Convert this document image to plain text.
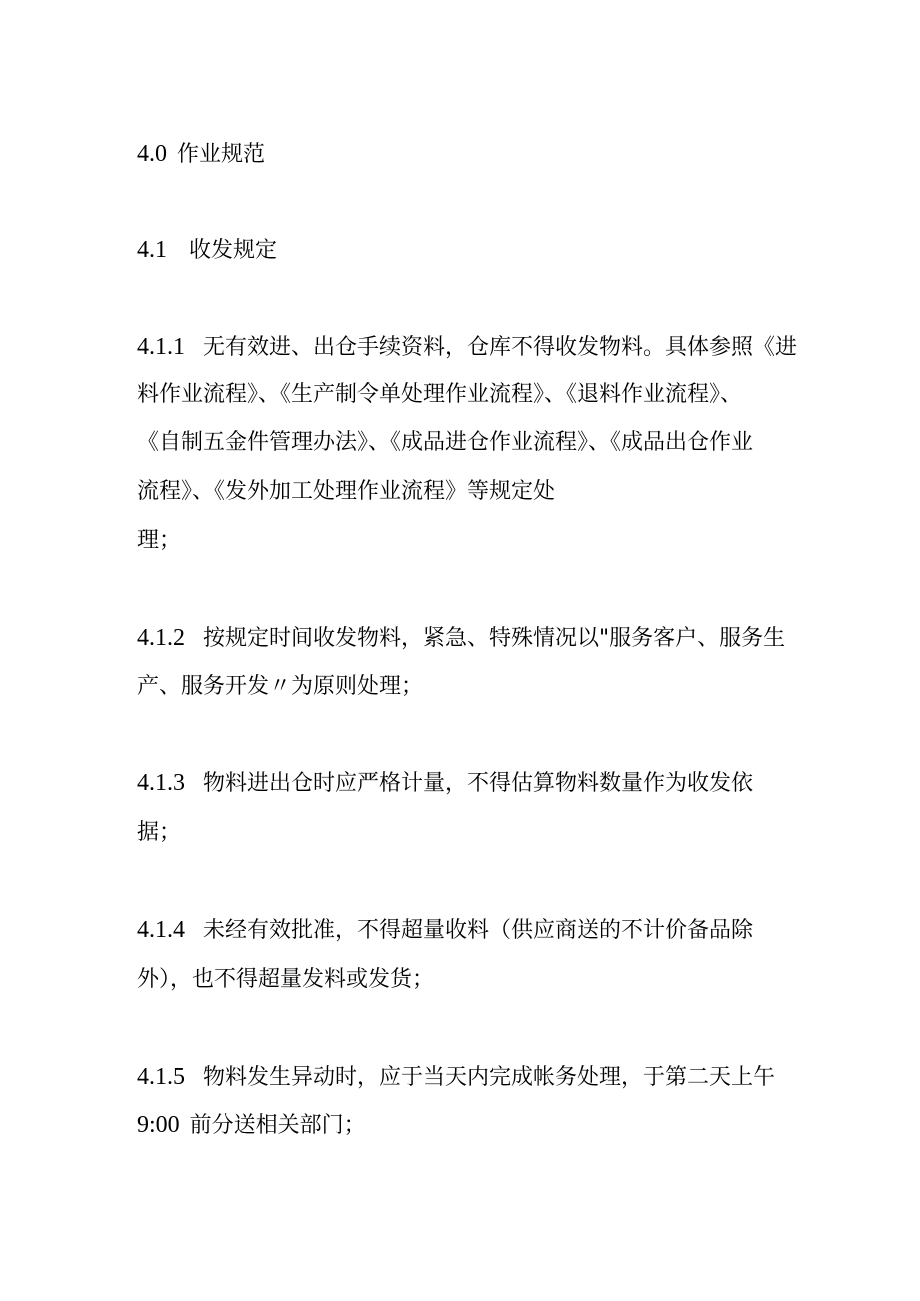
4.0 作业规范
4.1 收发规定
4.1.1 无有效进、出仓手续资料，仓库不得收发物料。具体参照《进
料作业流程》、《生产制令单处理作业流程》、《退料作业流程》、
《自制五金件管理办法》、《成品进仓作业流程》、《成品出仓作业
流程》、《发外加工处理作业流程》等规定处
理；
4.1.2 按规定时间收发物料，紧急、特殊情况以"服务客户、服务生
产、服务开发〃为原则处理；
4.1.3 物料进出仓时应严格计量，不得估算物料数量作为收发依
据；
4.1.4 未经有效批准，不得超量收料（供应商送的不计价备品除
外），也不得超量发料或发货；
4.1.5 物料发生异动时，应于当天内完成帐务处理，于第二天上午
9:00 前分送相关部门；
